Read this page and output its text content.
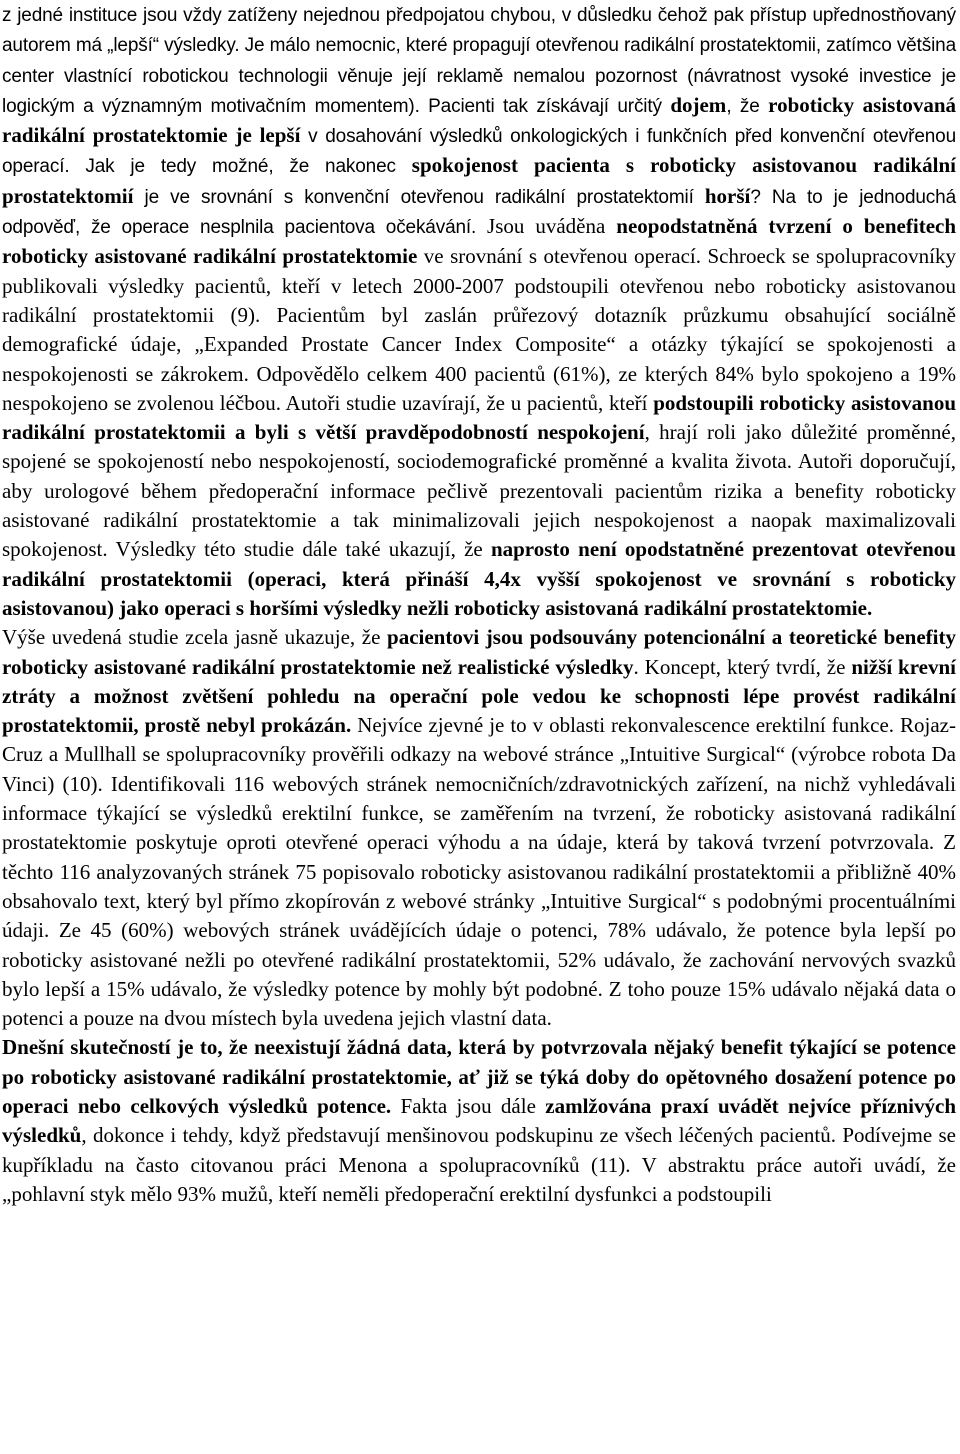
z jedné instituce jsou vždy zatíženy nejednou předpojatou chybou, v důsledku čehož pak přístup upřednostňovaný autorem má „lepší“ výsledky. Je málo nemocnic, které propagují otevřenou radikální prostatektomii, zatímco většina center vlastnící robotickou technologii věnuje její reklamě nemalou pozornost (návratnost vysoké investice je logickým a významným motivačním momentem). Pacienti tak získávají určitý dojem, že roboticky asistovaná radikální prostatektomie je lepší v dosahování výsledků onkologických i funkčních před konvenční otevřenou operací. Jak je tedy možné, že nakonec spokojenost pacienta s roboticky asistovanou radikální prostatektomií je ve srovnání s konvenční otevřenou radikální prostatektomií horší? Na to je jednoduchá odpověď, že operace nesplnila pacientova očekávání. Jsou uváděna neopodstatněná tvrzení o benefitech roboticky asistované radikální prostatektomie ve srovnání s otevřenou operací. Schroeck se spolupracovníky publikovali výsledky pacientů, kteří v letech 2000-2007 podstoupili otevřenou nebo roboticky asistovanou radikální prostatektomii (9). Pacientům byl zaslán průřezový dotazník průzkumu obsahující sociálně demografické údaje, „Expanded Prostate Cancer Index Composite“ a otázky týkající se spokojenosti a nespokojenosti se zákrokem. Odpovědělo celkem 400 pacientů (61%), ze kterých 84% bylo spokojeno a 19% nespokojeno se zvolenou léčbou. Autoři studie uzavírají, že u pacientů, kteří podstoupili roboticky asistovanou radikální prostatektomii a byli s větší pravděpodobností nespokojení, hrají roli jako důležité proměnné, spojené se spokojeností nebo nespokojeností, sociodemografické proměnné a kvalita života. Autoři doporučují, aby urologové během předoperační informace pečlivě prezentovali pacientům rizika a benefity roboticky asistované radikální prostatektomie a tak minimalizovali jejich nespokojenost a naopak maximalizovali spokojenost. Výsledky této studie dále také ukazují, že naprosto není opodstatněné prezentovat otevřenou radikální prostatektomii (operaci, která přináší 4,4x vyšší spokojenost ve srovnání s roboticky asistovanou) jako operaci s horšími výsledky nežli roboticky asistovaná radikální prostatektomie.

Výše uvedená studie zcela jasně ukazuje, že pacientovi jsou podsouvány potencionální a teoretické benefity roboticky asistované radikální prostatektomie než realistické výsledky. Koncept, který tvrdí, že nižší krevní ztráty a možnost zvětšení pohledu na operační pole vedou ke schopnosti lépe provést radikální prostatektomii, prostě nebyl prokázán. Nejvíce zjevné je to v oblasti rekonvalescence erektilní funkce. Rojaz-Cruz a Mullhall se spolupracovníky prověřili odkazy na webové stránce „Intuitive Surgical“ (výrobce robota Da Vinci) (10). Identifikovali 116 webových stránek nemocničních/zdravotnických zařízení, na nichž vyhledávali informace týkající se výsledků erektilní funkce, se zaměřením na tvrzení, že roboticky asistovaná radikální prostatektomie poskytuje oproti otevřené operaci výhodu a na údaje, která by taková tvrzení potvrzovala. Z těchto 116 analyzovaných stránek 75 popisovalo roboticky asistovanou radikální prostatektomii a přibližně 40% obsahovalo text, který byl přímo zkopírován z webové stránky „Intuitive Surgical“ s podobnými procentuálními údaji. Ze 45 (60%) webových stránek uvádějících údaje o potenci, 78% udávalo, že potence byla lepší po roboticky asistované nežli po otevřené radikální prostatektomii, 52% udávalo, že zachování nervových svazků bylo lepší a 15% udávalo, že výsledky potence by mohly být podobné. Z toho pouze 15% udávalo nějaká data o potenci a pouze na dvou místech byla uvedena jejich vlastní data.

Dnešní skutečností je to, že neexistují žádná data, která by potvrzovala nějaký benefit týkající se potence po roboticky asistované radikální prostatektomie, ať již se týká doby do opětovného dosažení potence po operaci nebo celkových výsledků potence. Fakta jsou dále zamlžována praxí uvádět nejvíce příznivých výsledků, dokonce i tehdy, když představují menšinovou podskupinu ze všech léčených pacientů. Podívejme se kupříkladu na často citovanou práci Menona a spolupracovníků (11). V abstraktu práce autoři uvádí, že „pohlavní styk mělo 93% mužů, kteří neměli předoperační erektilní dysfunkci a podstoupili
